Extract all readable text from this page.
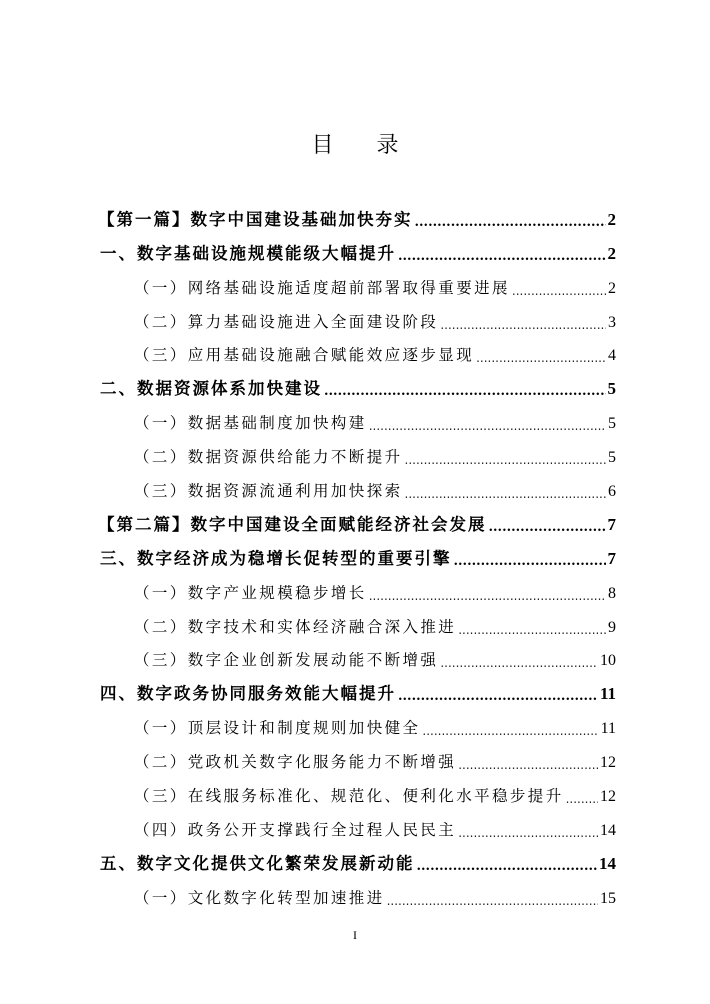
目 录
【第一篇】数字中国建设基础加快夯实 .....	2
一、数字基础设施规模能级大幅提升 .....	2
（一）网络基础设施适度超前部署取得重要进展 .....	2
（二）算力基础设施进入全面建设阶段 .....	3
（三）应用基础设施融合赋能效应逐步显现 .....	4
二、数据资源体系加快建设 .....	5
（一）数据基础制度加快构建 .....	5
（二）数据资源供给能力不断提升 .....	5
（三）数据资源流通利用加快探索 .....	6
【第二篇】数字中国建设全面赋能经济社会发展 .....	7
三、数字经济成为稳增长促转型的重要引擎 .....	7
（一）数字产业规模稳步增长 .....	8
（二）数字技术和实体经济融合深入推进 .....	9
（三）数字企业创新发展动能不断增强 .....	10
四、数字政务协同服务效能大幅提升 .....	11
（一）顶层设计和制度规则加快健全 .....	11
（二）党政机关数字化服务能力不断增强 .....	12
（三）在线服务标准化、规范化、便利化水平稳步提升 ..... 12
（四）政务公开支撑践行全过程人民民主 .....	14
五、数字文化提供文化繁荣发展新动能 .....	14
（一）文化数字化转型加速推进 .....	15
I
